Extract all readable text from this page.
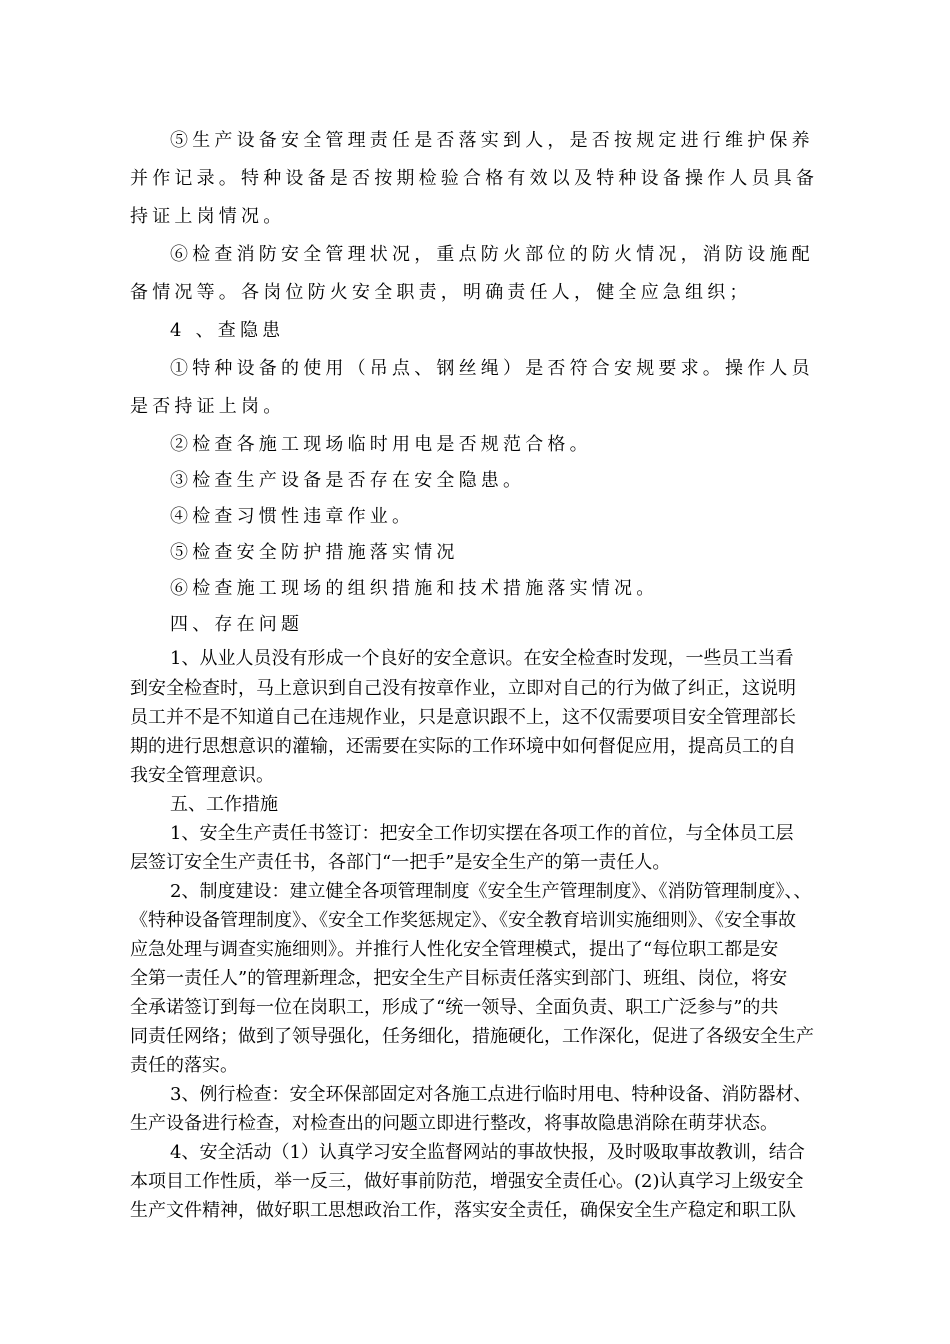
⑤生产设备安全管理责任是否落实到人，是否按规定进行维护保养

并作记录。特种设备是否按期检验合格有效以及特种设备操作人员具备

持证上岗情况。

⑥检查消防安全管理状况，重点防火部位的防火情况，消防设施配

备情况等。各岗位防火安全职责，明确责任人，健全应急组织；

4 、查隐患

①特种设备的使用（吊点、钢丝绳）是否符合安规要求。操作人员

是否持证上岗。

②检查各施工现场临时用电是否规范合格。

③检查生产设备是否存在安全隐患。

④检查习惯性违章作业。

⑤检查安全防护措施落实情况

⑥检查施工现场的组织措施和技术措施落实情况。

四、存在问题

1、从业人员没有形成一个良好的安全意识。在安全检查时发现，一些员工当看

到安全检查时，马上意识到自己没有按章作业，立即对自己的行为做了纠正，这说明

员工并不是不知道自己在违规作业，只是意识跟不上，这不仅需要项目安全管理部长

期的进行思想意识的灌输，还需要在实际的工作环境中如何督促应用，提高员工的自

我安全管理意识。

五、工作措施

1、安全生产责任书签订：把安全工作切实摆在各项工作的首位，与全体员工层

层签订安全生产责任书，各部门“一把手”是安全生产的第一责任人。

2、制度建设：建立健全各项管理制度《安全生产管理制度》、《消防管理制度》、、

《特种设备管理制度》、《安全工作奖惩规定》、《安全教育培训实施细则》、《安全事故

应急处理与调查实施细则》。并推行人性化安全管理模式，提出了“每位职工都是安

全第一责任人”的管理新理念，把安全生产目标责任落实到部门、班组、岗位，将安

全承诺签订到每一位在岗职工，形成了“统一领导、全面负责、职工广泛参与”的共

同责任网络；做到了领导强化，任务细化，措施硬化，工作深化，促进了各级安全生产

责任的落实。

3、例行检查：安全环保部固定对各施工点进行临时用电、特种设备、消防器材、

生产设备进行检查，对检查出的问题立即进行整改，将事故隐患消除在萌芽状态。

4、安全活动（1）认真学习安全监督网站的事故快报，及时吸取事故教训，结合

本项目工作性质，举一反三，做好事前防范，增强安全责任心。(2)认真学习上级安全

生产文件精神，做好职工思想政治工作，落实安全责任，确保安全生产稳定和职工队
